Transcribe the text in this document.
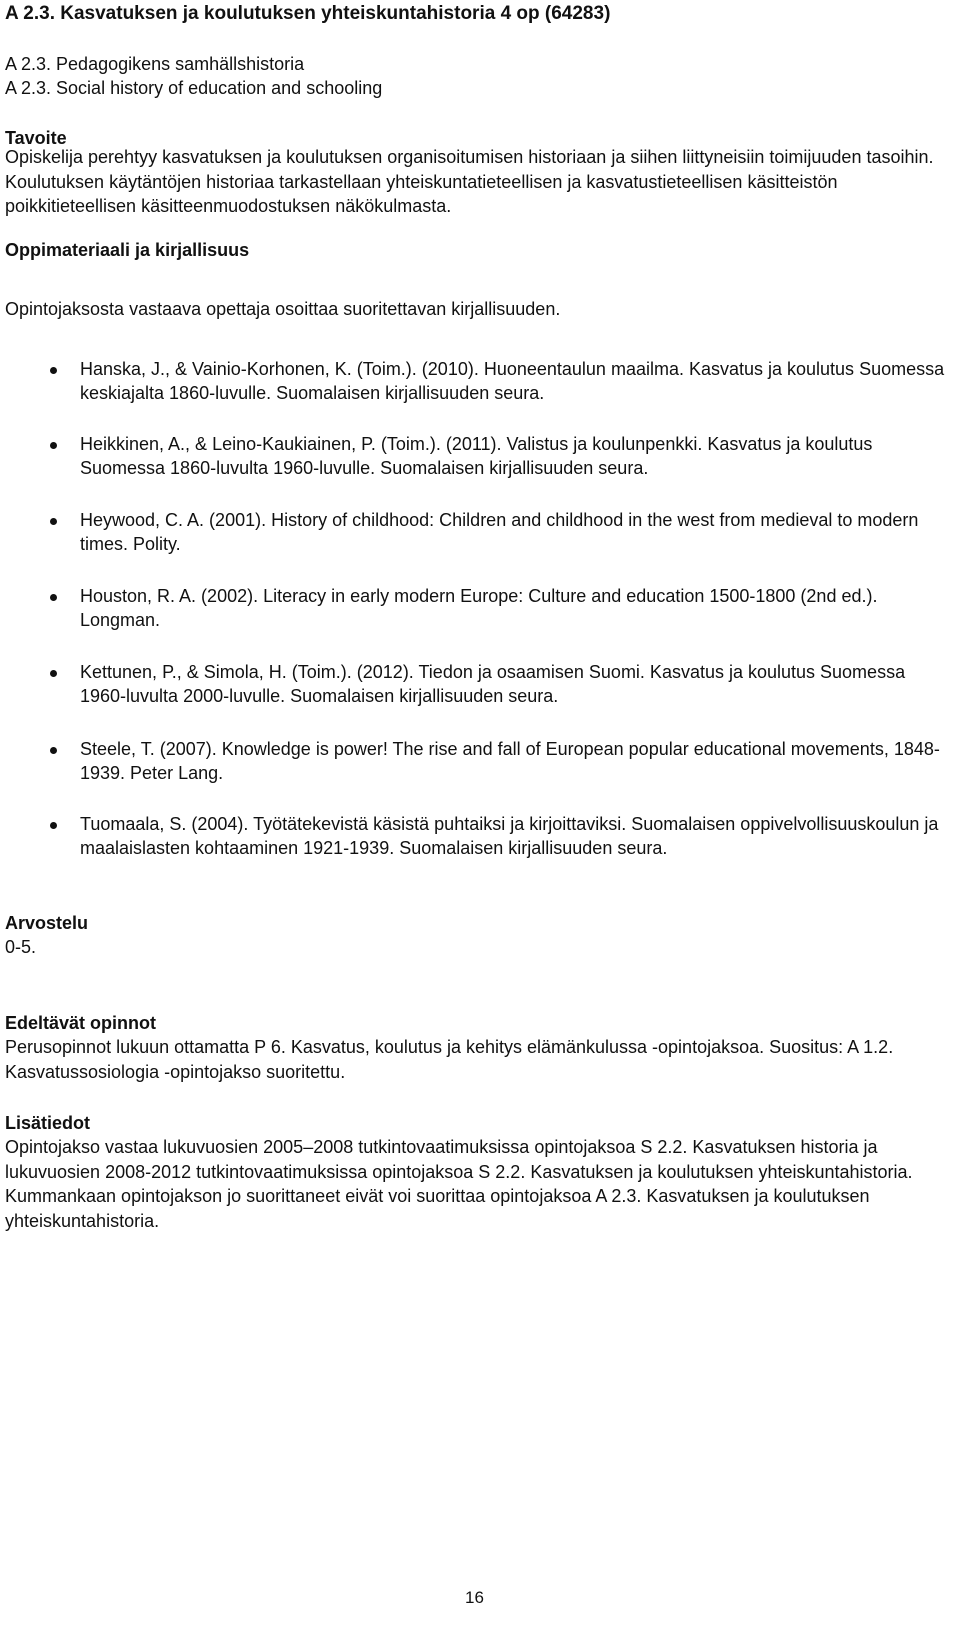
A 2.3. Kasvatuksen ja koulutuksen yhteiskuntahistoria 4 op (64283)
A 2.3. Pedagogikens samhällshistoria
A 2.3. Social history of education and schooling
Tavoite
Opiskelija perehtyy kasvatuksen ja koulutuksen organisoitumisen historiaan ja siihen liittyneisiin toimijuuden tasoihin. Koulutuksen käytäntöjen historiaa tarkastellaan yhteiskuntatieteellisen ja kasvatustieteellisen käsitteistön poikkitieteellisen käsitteenmuodostuksen näkökulmasta.
Oppimateriaali ja kirjallisuus
Opintojaksosta vastaava opettaja osoittaa suoritettavan kirjallisuuden.
Hanska, J., & Vainio-Korhonen, K. (Toim.). (2010). Huoneentaulun maailma. Kasvatus ja koulutus Suomessa keskiajalta 1860-luvulle. Suomalaisen kirjallisuuden seura.
Heikkinen, A., & Leino-Kaukiainen, P. (Toim.). (2011). Valistus ja koulunpenkki. Kasvatus ja koulutus Suomessa 1860-luvulta 1960-luvulle. Suomalaisen kirjallisuuden seura.
Heywood, C. A. (2001). History of childhood: Children and childhood in the west from medieval to modern times. Polity.
Houston, R. A. (2002). Literacy in early modern Europe: Culture and education 1500-1800 (2nd ed.). Longman.
Kettunen, P., & Simola, H. (Toim.). (2012). Tiedon ja osaamisen Suomi. Kasvatus ja koulutus Suomessa 1960-luvulta 2000-luvulle. Suomalaisen kirjallisuuden seura.
Steele, T. (2007). Knowledge is power! The rise and fall of European popular educational movements, 1848-1939. Peter Lang.
Tuomaala, S. (2004). Työtätekevistä käsistä puhtaiksi ja kirjoittaviksi. Suomalaisen oppivelvollisuuskoulun ja maalaislasten kohtaaminen 1921-1939. Suomalaisen kirjallisuuden seura.
Arvostelu
0-5.
Edeltävät opinnot
Perusopinnot lukuun ottamatta P 6. Kasvatus, koulutus ja kehitys elämänkulussa -opintojaksoa. Suositus: A 1.2. Kasvatussosiologia -opintojakso suoritettu.
Lisätiedot
Opintojakso vastaa lukuvuosien 2005–2008 tutkintovaatimuksissa opintojaksoa S 2.2. Kasvatuksen historia ja lukuvuosien 2008-2012 tutkintovaatimuksissa opintojaksoa S 2.2. Kasvatuksen ja koulutuksen yhteiskuntahistoria. Kummankaan opintojakson jo suorittaneet eivät voi suorittaa opintojaksoa A 2.3. Kasvatuksen ja koulutuksen yhteiskuntahistoria.
16
